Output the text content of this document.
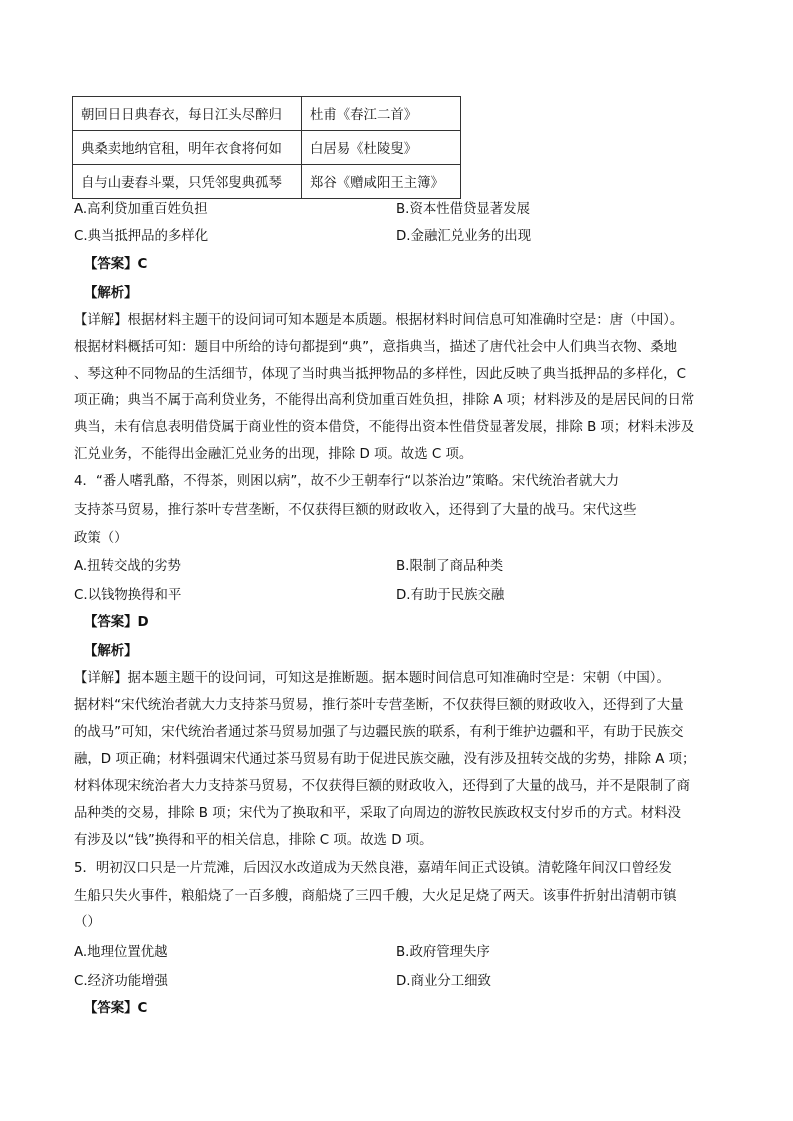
朝回日日典春衣，每日江头尽醉归	杜甫《春江二首》
典桑卖地纳官租，明年衣食将何如	白居易《杜陵叟》
自与山妻舂斗粟，只凭邻叟典孤琴	郑谷《赠咸阳王主簿》
A.高利贷加重百姓负担	B.资本性借贷显著发展
C.典当抵押品的多样化	D.金融汇兑业务的出现
【答案】C
【解析】
【详解】根据材料主题干的设问词可知本题是本质题。根据材料时间信息可知准确时空是：唐（中国）。
根据材料概括可知：题目中所给的诗句都提到“典”，意指典当，描述了唐代社会中人们典当衣物、桑地
、琴这种不同物品的生活细节，体现了当时典当抵押物品的多样性，因此反映了典当抵押品的多样化，C
项正确；典当不属于高利贷业务，不能得出高利贷加重百姓负担，排除 A 项；材料涉及的是居民间的日常
典当，未有信息表明借贷属于商业性的资本借贷，不能得出资本性借贷显著发展，排除 B 项；材料未涉及
汇兑业务，不能得出金融汇兑业务的出现，排除 D 项。故选 C 项。
4．“番人嗜乳酪，不得茶，则困以病”，故不少王朝奉行“以茶治边”策略。宋代统治者就大力
支持茶马贸易，推行茶叶专营垄断，不仅获得巨额的财政收入，还得到了大量的战马。宋代这些
政策（）
A.扭转交战的劣势	B.限制了商品种类
C.以钱物换得和平	D.有助于民族交融
【答案】D
【解析】
【详解】据本题主题干的设问词，可知这是推断题。据本题时间信息可知准确时空是：宋朝（中国）。
据材料“宋代统治者就大力支持茶马贸易，推行茶叶专营垄断，不仅获得巨额的财政收入，还得到了大量
的战马”可知，宋代统治者通过茶马贸易加强了与边疆民族的联系，有利于维护边疆和平，有助于民族交
融，D 项正确；材料强调宋代通过茶马贸易有助于促进民族交融，没有涉及扭转交战的劣势，排除 A 项；
材料体现宋统治者大力支持茶马贸易，不仅获得巨额的财政收入，还得到了大量的战马，并不是限制了商
品种类的交易，排除 B 项；宋代为了换取和平，采取了向周边的游牧民族政权支付岁币的方式。材料没
有涉及以“钱”换得和平的相关信息，排除 C 项。故选 D 项。
5．明初汉口只是一片荒滩，后因汉水改道成为天然良港，嘉靖年间正式设镇。清乾隆年间汉口曾经发
生船只失火事件，粮船烧了一百多艘，商船烧了三四千艘，大火足足烧了两天。该事件折射出清朝市镇
（）
A.地理位置优越	B.政府管理失序
C.经济功能增强	D.商业分工细致
【答案】C
